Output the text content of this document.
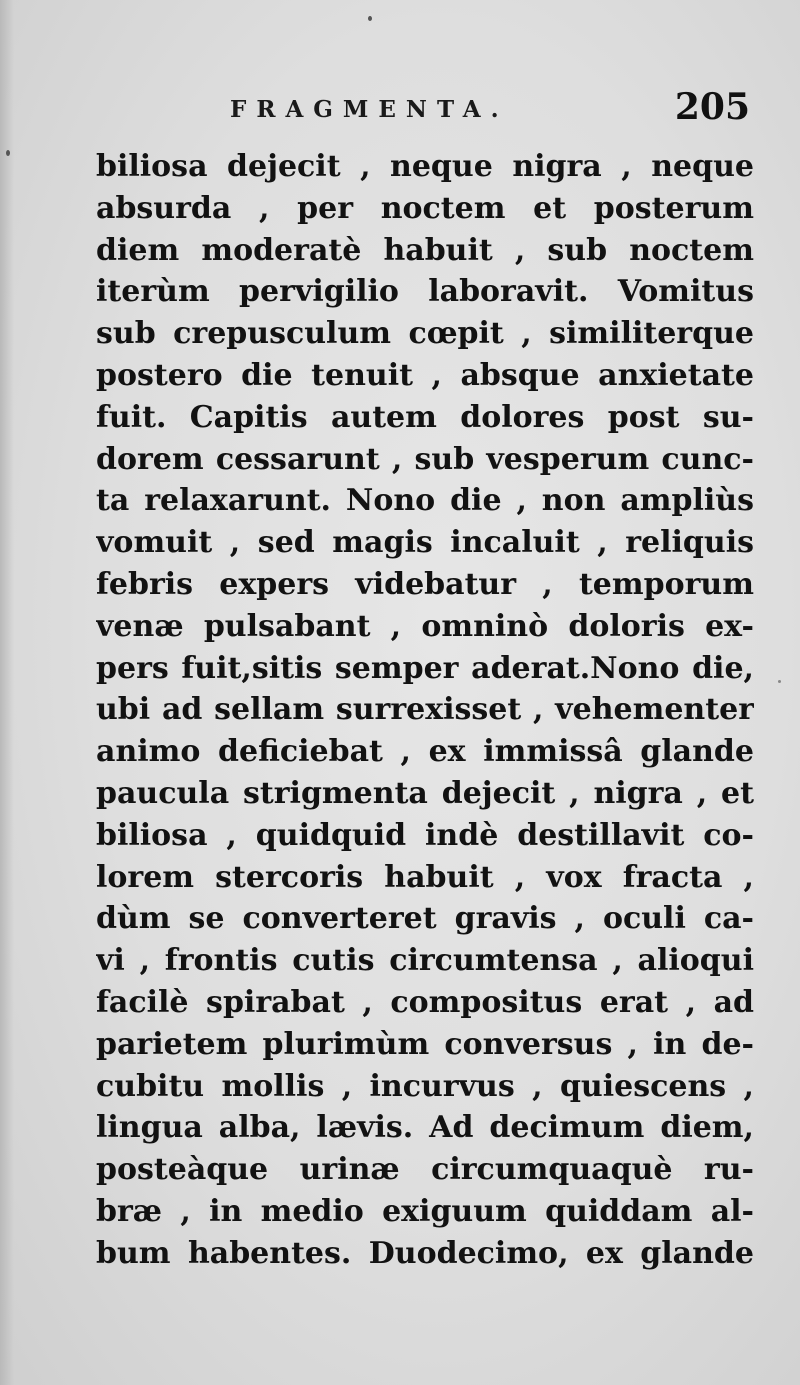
FRAGMENTA.	205
biliosa dejecit , neque nigra , neque
absurda , per noctem et posterum
diem moderatè habuit , sub noctem
iterùm pervigilio laboravit. Vomitus
sub crepusculum cœpit , similiterque
postero die tenuit , absque anxietate
fuit. Capitis autem dolores post su-
dorem cessarunt , sub vesperum cunc-
ta relaxarunt. Nono die , non ampliùs
vomuit , sed magis incaluit , reliquis
febris expers videbatur , temporum
venæ pulsabant , omninò doloris ex-
pers fuit,sitis semper aderat.Nono die,
ubi ad sellam surrexisset , vehementer
animo deficiebat , ex immissâ glande
paucula strigmenta dejecit , nigra , et
biliosa , quidquid indè destillavit co-
lorem stercoris habuit , vox fracta ,
dùm se converteret gravis , oculi ca-
vi , frontis cutis circumtensa , alioqui
facilè spirabat , compositus erat , ad
parietem plurimùm conversus , in de-
cubitu mollis , incurvus , quiescens ,
lingua alba, lævis. Ad decimum diem,
posteàque urinæ circumquaquè ru-
bræ , in medio exiguum quiddam al-
bum habentes. Duodecimo, ex glande
